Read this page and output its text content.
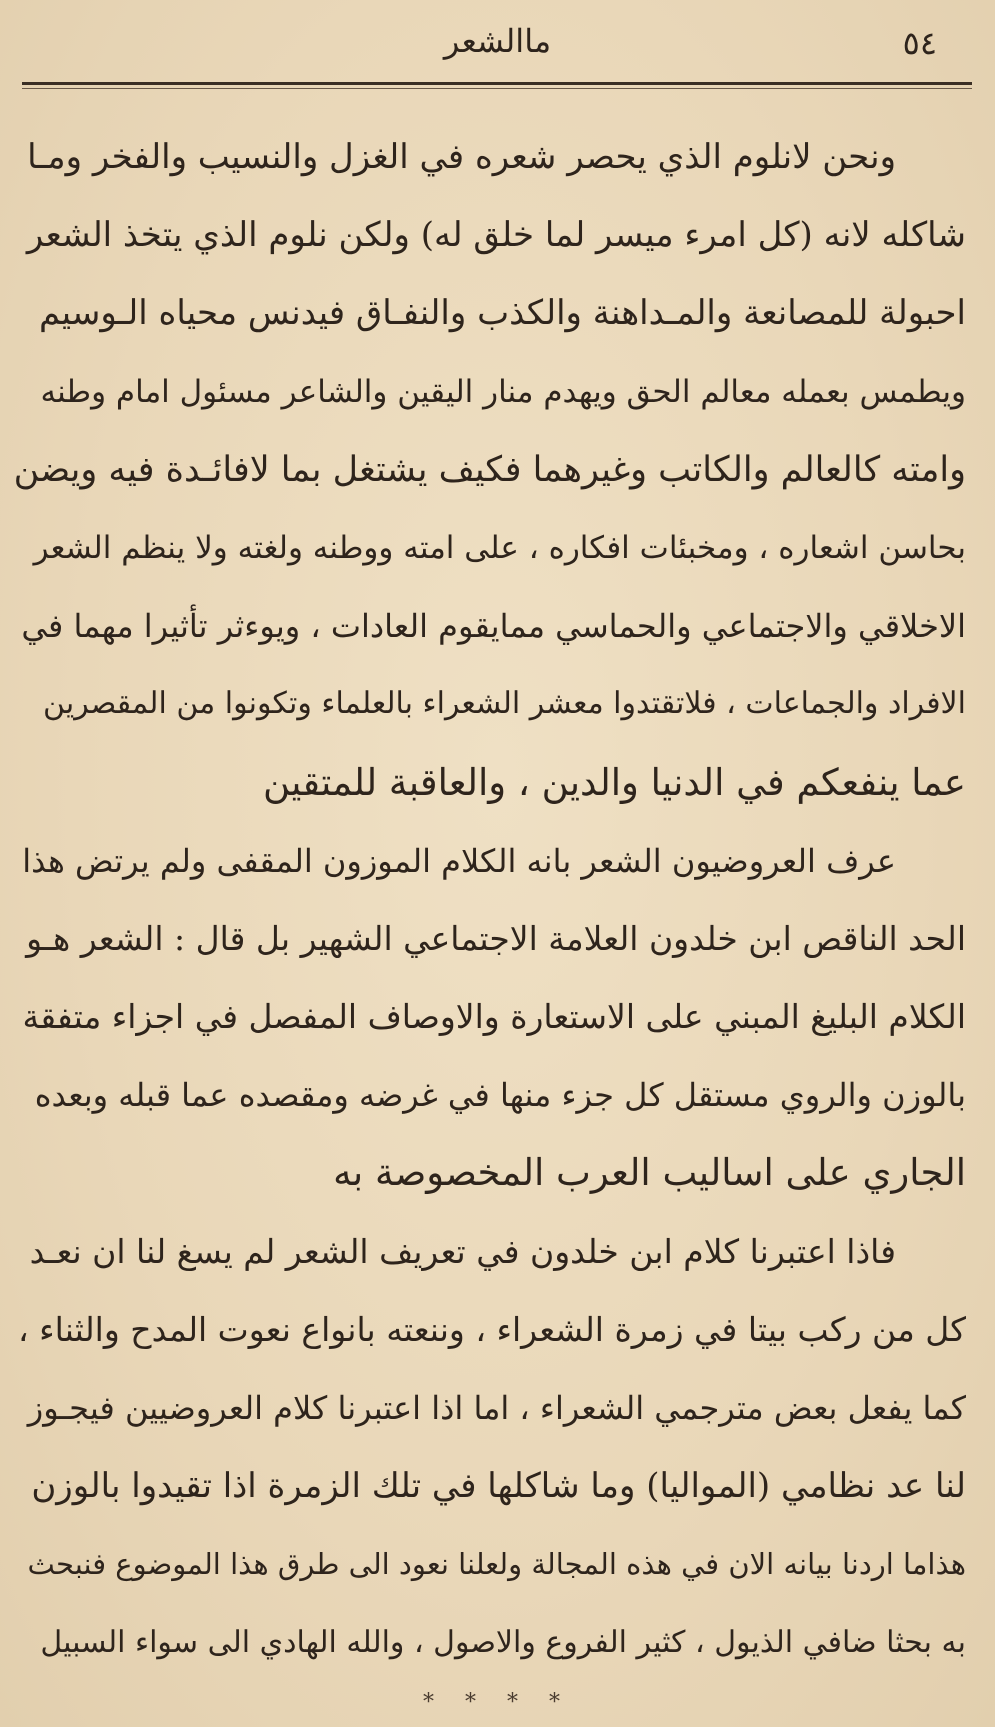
٥٤
ماالشعر
ونحن لانلوم الذي يحصر شعره في الغزل والنسيب والفخر ومـا
شاكله لانه (كل امرء ميسر لما خلق له) ولكن نلوم الذي يتخذ الشعر
احبولة للمصانعة والمـداهنة والكذب والنفـاق فيدنس محياه الـوسيم
ويطمس بعمله معالم الحق ويهدم منار اليقين والشاعر مسئول امام وطنه
وامته كالعالم والكاتب وغيرهما فكيف يشتغل بما لافائـدة فيه ويضن
بحاسن اشعاره ، ومخبئات افكاره ، على امته ووطنه ولغته ولا ينظم الشعر
الاخلاقي والاجتماعي والحماسي ممايقوم العادات ، ويوءثر تأثيرا مهما في
الافراد والجماعات ، فلاتقتدوا معشر الشعراء بالعلماء وتكونوا من المقصرين
عما ينفعكم في الدنيا والدين ، والعاقبة للمتقين
عرف العروضيون الشعر بانه الكلام الموزون المقفى ولم يرتض هذا
الحد الناقص ابن خلدون العلامة الاجتماعي الشهير بل قال : الشعر هـو
الكلام البليغ المبني على الاستعارة والاوصاف المفصل في اجزاء متفقة
بالوزن والروي مستقل كل جزء منها في غرضه ومقصده عما قبله وبعده
الجاري على اساليب العرب المخصوصة به
فاذا اعتبرنا كلام ابن خلدون في تعريف الشعر لم يسغ لنا ان نعـد
كل من ركب بيتا في زمرة الشعراء ، وننعته بانواع نعوت المدح والثناء ،
كما يفعل بعض مترجمي الشعراء ، اما اذا اعتبرنا كلام العروضيين فيجـوز
لنا عد نظامي (المواليا) وما شاكلها في تلك الزمرة اذا تقيدوا بالوزن
هذاما اردنا بيانه الان في هذه المجالة ولعلنا نعود الى طرق هذا الموضوع فنبحث
به بحثا ضافي الذيول ، كثير الفروع والاصول ، والله الهادي الى سواء السبيل
* * * *
